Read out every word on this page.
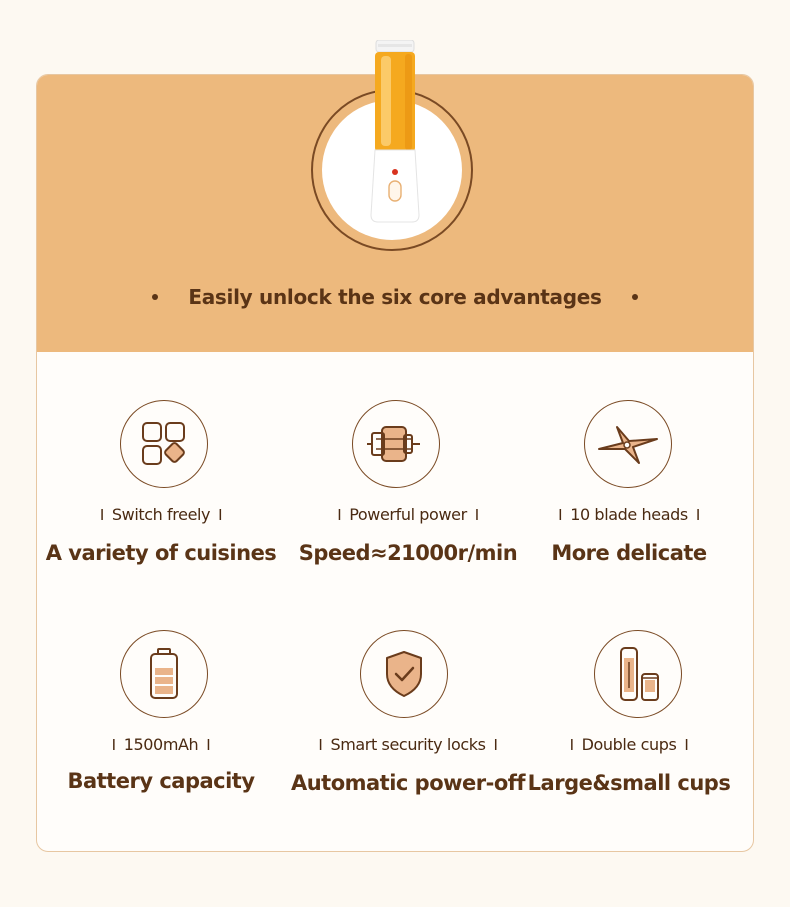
Easily unlock the six core advantages
I Switch freely I
A variety of cuisines
I Powerful power I
Speed≈21000r/min
I 10 blade heads I
More delicate
I 1500mAh I
Battery capacity
I Smart security locks I
Automatic power-off
I Double cups I
Large&small cups
